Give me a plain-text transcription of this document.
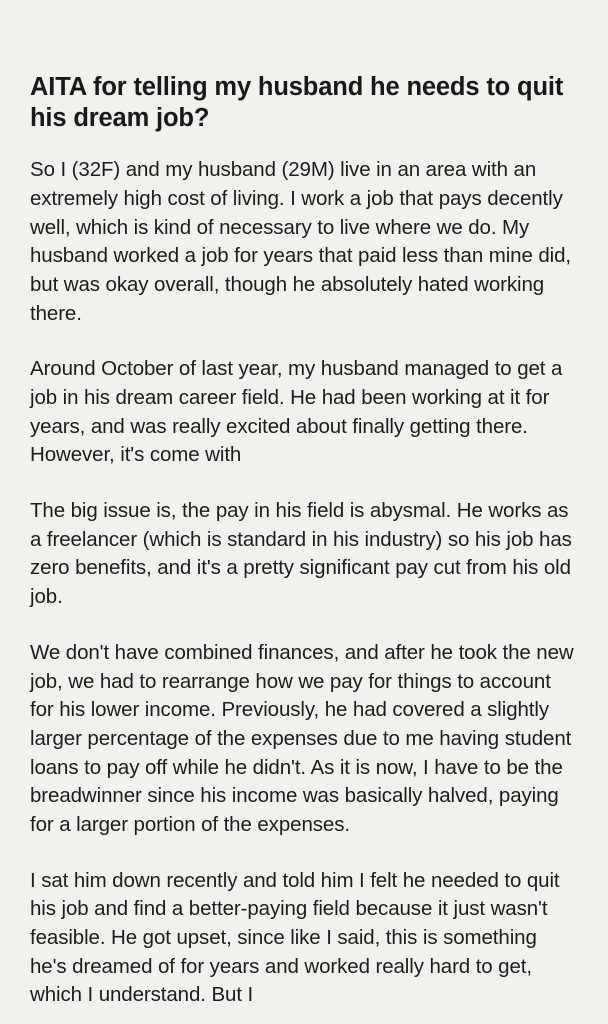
AITA for telling my husband he needs to quit his dream job?

So I (32F) and my husband (29M) live in an area with an extremely high cost of living. I work a job that pays decently well, which is kind of necessary to live where we do. My husband worked a job for years that paid less than mine did, but was okay overall, though he absolutely hated working there.

Around October of last year, my husband managed to get a job in his dream career field. He had been working at it for years, and was really excited about finally getting there. However, it's come with

The big issue is, the pay in his field is abysmal. He works as a freelancer (which is standard in his industry) so his job has zero benefits, and it's a pretty significant pay cut from his old job.

We don't have combined finances, and after he took the new job, we had to rearrange how we pay for things to account for his lower income. Previously, he had covered a slightly larger percentage of the expenses due to me having student loans to pay off while he didn't. As it is now, I have to be the breadwinner since his income was basically halved, paying for a larger portion of the expenses.

I sat him down recently and told him I felt he needed to quit his job and find a better-paying field because it just wasn't feasible. He got upset, since like I said, this is something he's dreamed of for years and worked really hard to get, which I understand. But I
